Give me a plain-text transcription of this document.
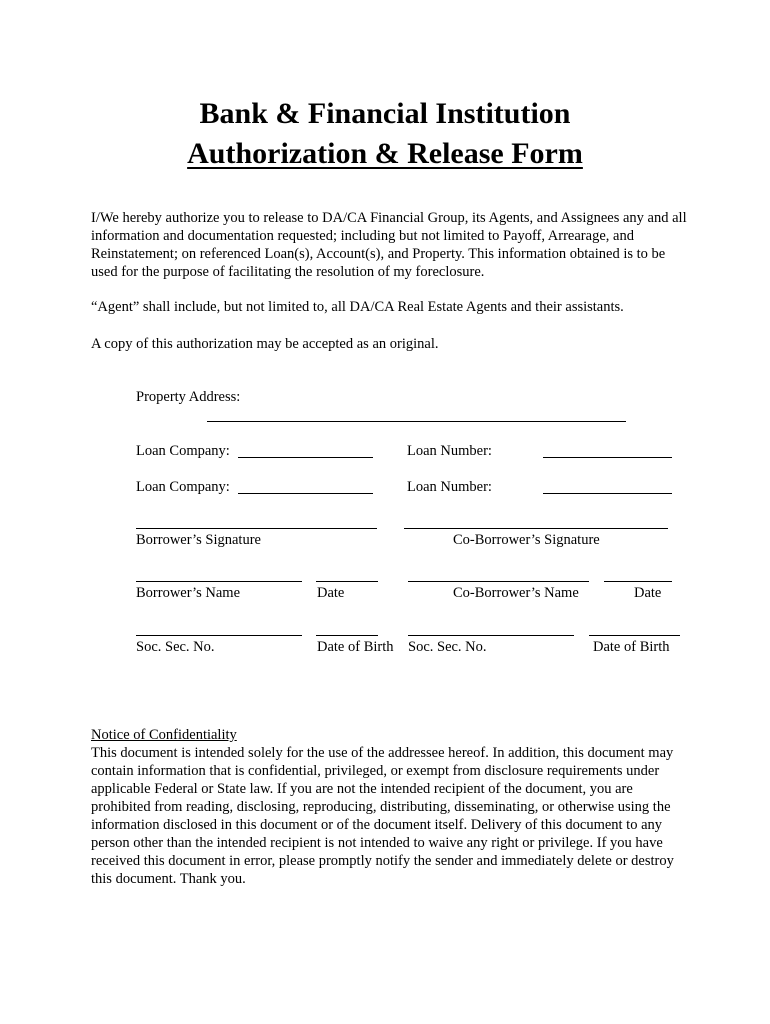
Bank & Financial Institution
Authorization & Release Form
I/We hereby authorize you to release to DA/CA Financial Group, its Agents, and Assignees any and all information and documentation requested; including but not limited to Payoff, Arrearage, and Reinstatement; on referenced Loan(s), Account(s), and Property. This information obtained is to be used for the purpose of facilitating the resolution of my foreclosure.
“Agent” shall include, but not limited to, all DA/CA Real Estate Agents and their assistants.
A copy of this authorization may be accepted as an original.
Property Address:
Loan Company:	Loan Number:
Loan Company:	Loan Number:
Borrower’s Signature	Co-Borrower’s Signature
Borrower’s Name	Date	Co-Borrower’s Name	Date
Soc. Sec. No.	Date of Birth Soc. Sec. No.	Date of Birth
Notice of Confidentiality
This document is intended solely for the use of the addressee hereof. In addition, this document may contain information that is confidential, privileged, or exempt from disclosure requirements under applicable Federal or State law. If you are not the intended recipient of the document, you are prohibited from reading, disclosing, reproducing, distributing, disseminating, or otherwise using the information disclosed in this document or of the document itself. Delivery of this document to any person other than the intended recipient is not intended to waive any right or privilege. If you have received this document in error, please promptly notify the sender and immediately delete or destroy this document. Thank you.
